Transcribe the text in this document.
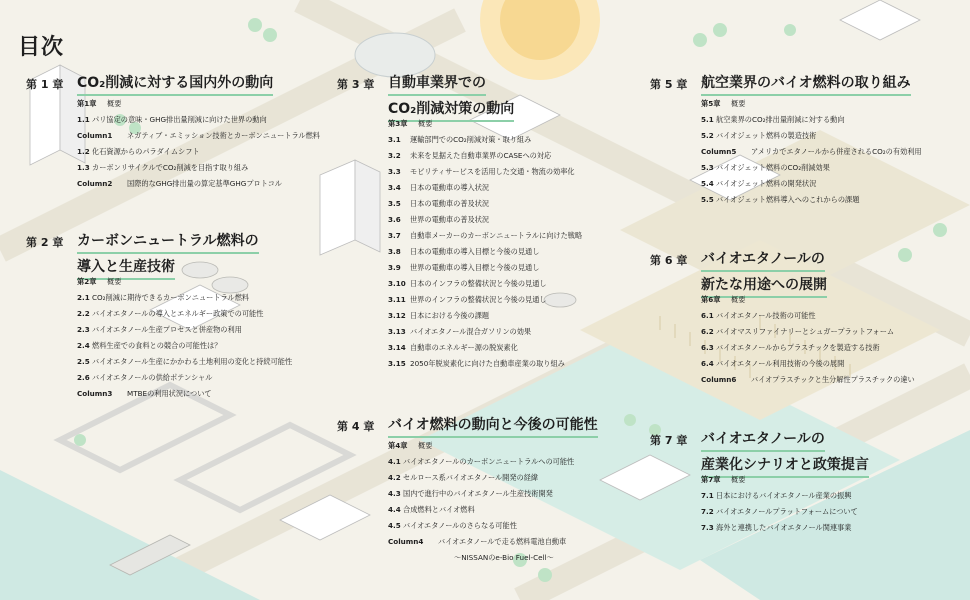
目次
第 1 章 CO₂削減に対する国内外の動向
第1章 概要
1.1 パリ協定の意味・GHG排出量削減に向けた世界の動向
Column1 ネガティブ・エミッション技術とカーボンニュートラル燃料
1.2 化石資源からのパラダイムシフト
1.3 カーボンリサイクルでCO₂削減を目指す取り組み
Column2 国際的なGHG排出量の算定基準GHGプロトコル
第 2 章 カーボンニュートラル燃料の
導入と生産技術
第2章 概要
2.1 CO₂削減に期待できるカーボンニュートラル燃料
2.2 バイオエタノールの導入とエネルギー政策での可能性
2.3 バイオエタノール生産プロセスと併産物の利用
2.4 燃料生産での食料との競合の可能性は？
2.5 バイオエタノール生産にかかわる土地利用の変化と持続可能性
2.6 バイオエタノールの供給ポテンシャル
Column3 MTBEの利用状況について
第 3 章 自動車業界での
CO₂削減対策の動向
第3章 概要
3.1 運輸部門でのCO₂削減対策・取り組み
3.2 未来を見据えた自動車業界のCASEへの対応
3.3 モビリティサービスを活用した交通・物流の効率化
3.4 日本の電動車の導入状況
3.5 日本の電動車の普及状況
3.6 世界の電動車の普及状況
3.7 自動車メーカーのカーボンニュートラルに向けた戦略
3.8 日本の電動車の導入目標と今後の見通し
3.9 世界の電動車の導入目標と今後の見通し
3.10 日本のインフラの整備状況と今後の見通し
3.11 世界のインフラの整備状況と今後の見通し
3.12 日本における今後の課題
3.13 バイオエタノール混合ガソリンの効果
3.14 自動車のエネルギー源の脱炭素化
3.15 2050年脱炭素化に向けた自動車産業の取り組み
第 4 章 バイオ燃料の動向と今後の可能性
第4章 概要
4.1 バイオエタノールのカーボンニュートラルへの可能性
4.2 セルロース系バイオエタノール開発の経緯
4.3 国内で進行中のバイオエタノール生産技術開発
4.4 合成燃料とバイオ燃料
4.5 バイオエタノールのさらなる可能性
Column4 バイオエタノールで走る燃料電池自動車
〜NISSANのe-Bio Fuel-Cell〜
第 5 章 航空業界のバイオ燃料の取り組み
第5章 概要
5.1 航空業界のCO₂排出量削減に対する動向
5.2 バイオジェット燃料の製造技術
Column5 アメリカでエタノールから併産されるCO₂の有効利用
5.3 バイオジェット燃料のCO₂削減効果
5.4 バイオジェット燃料の開発状況
5.5 バイオジェット燃料導入へのこれからの課題
第 6 章 バイオエタノールの
新たな用途への展開
第6章 概要
6.1 バイオエタノール技術の可能性
6.2 バイオマスリファイナリーとシュガープラットフォーム
6.3 バイオエタノールからプラスチックを製造する技術
6.4 バイオエタノール利用技術の今後の展開
Column6 バイオプラスチックと生分解性プラスチックの違い
第 7 章 バイオエタノールの
産業化シナリオと政策提言
第7章 概要
7.1 日本におけるバイオエタノール産業の振興
7.2 バイオエタノールプラットフォームについて
7.3 海外と連携したバイオエタノール関連事業
